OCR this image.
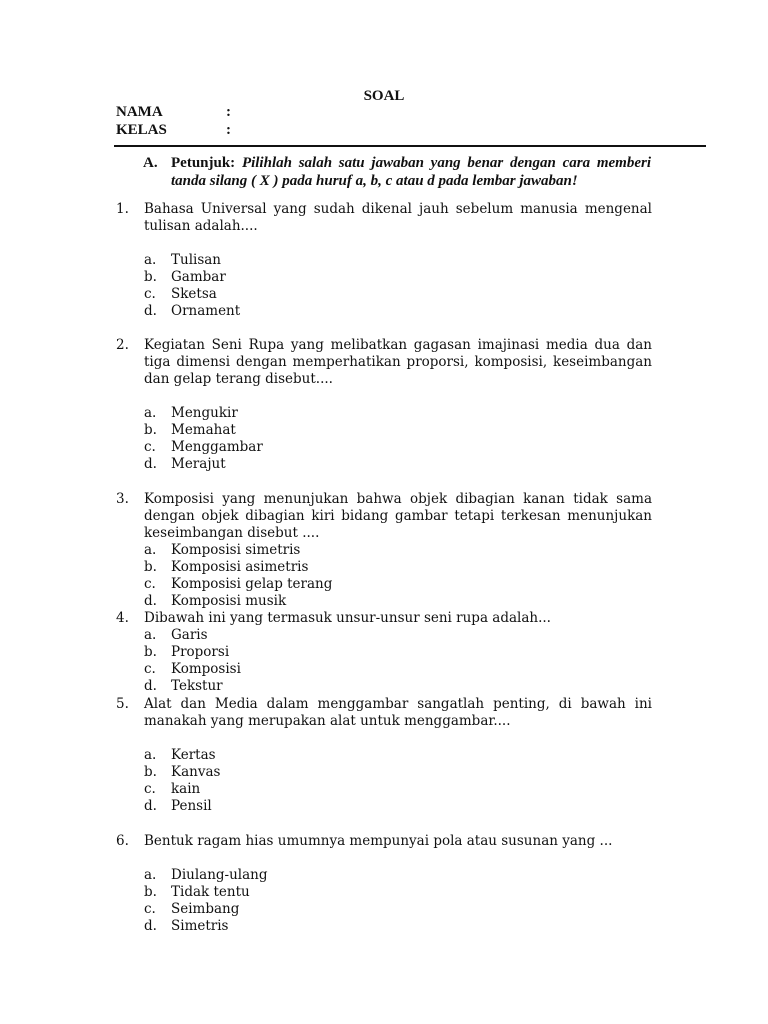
SOAL
NAMA	:
KELAS	:
A. Petunjuk: Pilihlah salah satu jawaban yang benar dengan cara memberi tanda silang ( X ) pada huruf a, b, c atau d pada lembar jawaban!
1. Bahasa Universal yang sudah dikenal jauh sebelum manusia mengenal tulisan adalah....
a. Tulisan
b. Gambar
c. Sketsa
d. Ornament
2. Kegiatan Seni Rupa yang melibatkan gagasan imajinasi media dua dan tiga dimensi dengan memperhatikan proporsi, komposisi, keseimbangan dan gelap terang disebut....
a. Mengukir
b. Memahat
c. Menggambar
d. Merajut
3. Komposisi yang menunjukan bahwa objek dibagian kanan tidak sama dengan objek dibagian kiri bidang gambar tetapi terkesan menunjukan keseimbangan disebut ....
a. Komposisi simetris
b. Komposisi asimetris
c. Komposisi gelap terang
d. Komposisi musik
4. Dibawah ini yang termasuk unsur-unsur seni rupa adalah...
a. Garis
b. Proporsi
c. Komposisi
d. Tekstur
5. Alat dan Media dalam menggambar sangatlah penting, di bawah ini manakah yang merupakan alat untuk menggambar....
a. Kertas
b. Kanvas
c. kain
d. Pensil
6. Bentuk ragam hias umumnya mempunyai pola atau susunan yang ...
a. Diulang-ulang
b. Tidak tentu
c. Seimbang
d. Simetris
